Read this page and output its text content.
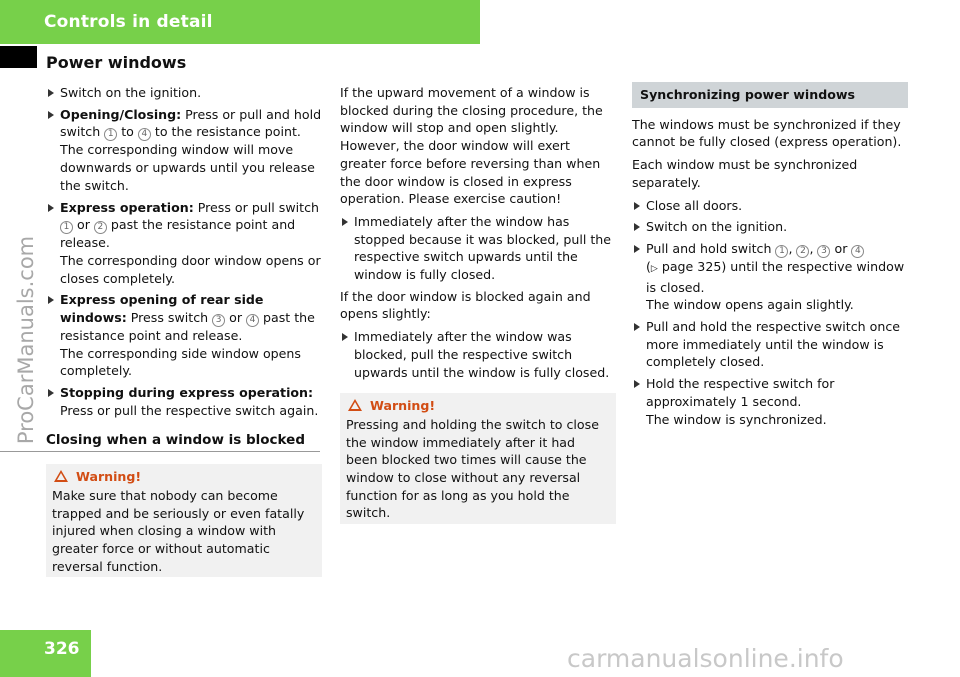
Controls in detail
Power windows
ProCarManuals.com
Switch on the ignition.
Opening/Closing: Press or pull and hold switch 1 to 4 to the resistance point.
The corresponding window will move downwards or upwards until you release the switch.
Express operation: Press or pull switch 1 or 2 past the resistance point and release.
The corresponding door window opens or closes completely.
Express opening of rear side windows: Press switch 3 or 4 past the resistance point and release.
The corresponding side window opens completely.
Stopping during express operation: Press or pull the respective switch again.
Closing when a window is blocked
Warning!
Make sure that nobody can become trapped and be seriously or even fatally injured when closing a window with greater force or without automatic reversal function.
If the upward movement of a window is blocked during the closing procedure, the window will stop and open slightly. However, the door window will exert greater force before reversing than when the door window is closed in express operation. Please exercise caution!
Immediately after the window has stopped because it was blocked, pull the respective switch upwards until the window is fully closed.
If the door window is blocked again and opens slightly:
Immediately after the window was blocked, pull the respective switch upwards until the window is fully closed.
Warning!
Pressing and holding the switch to close the window immediately after it had been blocked two times will cause the window to close without any reversal function for as long as you hold the switch.
Synchronizing power windows
The windows must be synchronized if they cannot be fully closed (express operation).
Each window must be synchronized separately.
Close all doors.
Switch on the ignition.
Pull and hold switch 1 , 2 , 3 or 4
(▷ page 325) until the respective window is closed.
The window opens again slightly.
Pull and hold the respective switch once more immediately until the window is completely closed.
Hold the respective switch for approximately 1 second.
The window is synchronized.
326	carmanualsonline.info
